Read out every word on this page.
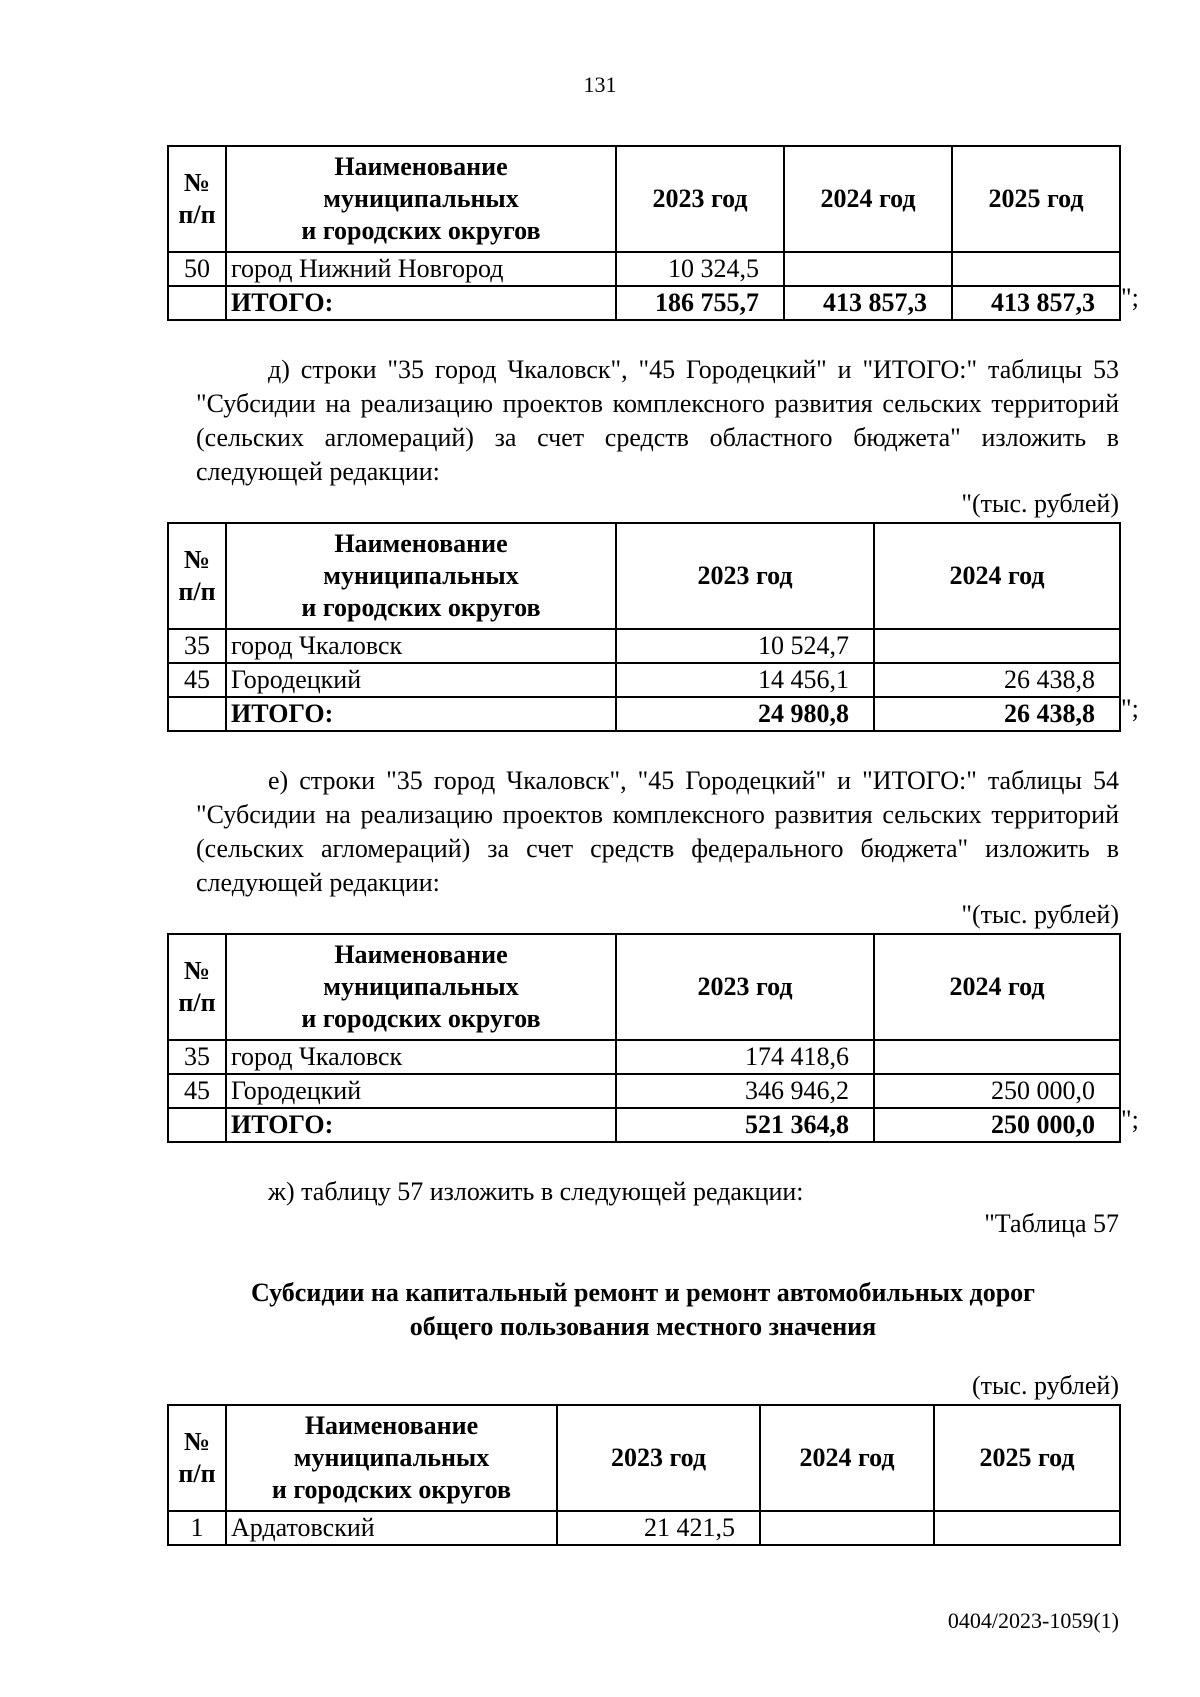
131
№
п/п	Наименование
муниципальных
и городских округов	2023 год	2024 год	2025 год
50	город Нижний Новгород	10 324,5		
	ИТОГО:	186 755,7	413 857,3	413 857,3 ";
д) строки "35 город Чкаловск", "45 Городецкий" и "ИТОГО:" таблицы 53 "Субсидии на реализацию проектов комплексного развития сельских территорий (сельских агломераций) за счет средств областного бюджета" изложить в следующей редакции:
"(тыс. рублей)
№
п/п	Наименование
муниципальных
и городских округов	2023 год	2024 год
35	город Чкаловск	10 524,7	
45	Городецкий	14 456,1	26 438,8
	ИТОГО:	24 980,8	26 438,8 ";
е) строки "35 город Чкаловск", "45 Городецкий" и "ИТОГО:" таблицы 54 "Субсидии на реализацию проектов комплексного развития сельских территорий (сельских агломераций) за счет средств федерального бюджета" изложить в следующей редакции:
"(тыс. рублей)
№
п/п	Наименование
муниципальных
и городских округов	2023 год	2024 год
35	город Чкаловск	174 418,6	
45	Городецкий	346 946,2	250 000,0
	ИТОГО:	521 364,8	250 000,0 ";
ж) таблицу 57 изложить в следующей редакции:
"Таблица 57
Субсидии на капитальный ремонт и ремонт автомобильных дорог
общего пользования местного значения
(тыс. рублей)
№
п/п	Наименование
муниципальных
и городских округов	2023 год	2024 год	2025 год
1	Ардатовский	21 421,5		
0404/2023-1059(1)
